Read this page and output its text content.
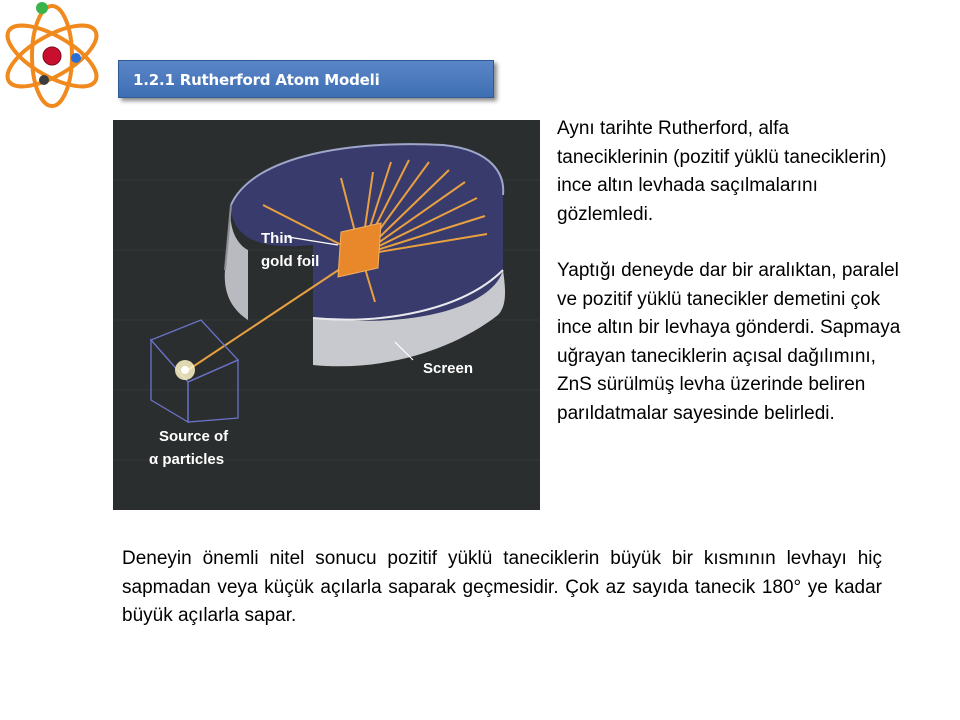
1.2.1 Rutherford Atom Modeli
Thin
gold foil
Screen
Source of
α particles

Aynı tarihte Rutherford, alfa taneciklerinin (pozitif yüklü taneciklerin) ince altın levhada saçılmalarını gözlemledi.

Yaptığı deneyde dar bir aralıktan, paralel ve pozitif yüklü tanecikler demetini çok ince altın bir levhaya gönderdi. Sapmaya uğrayan taneciklerin açısal dağılımını, ZnS sürülmüş levha üzerinde beliren parıldatmalar sayesinde belirledi.

Deneyin önemli nitel sonucu pozitif yüklü taneciklerin büyük bir kısmının levhayı hiç sapmadan veya küçük açılarla saparak geçmesidir. Çok az sayıda tanecik 180° ye kadar büyük açılarla sapar.
